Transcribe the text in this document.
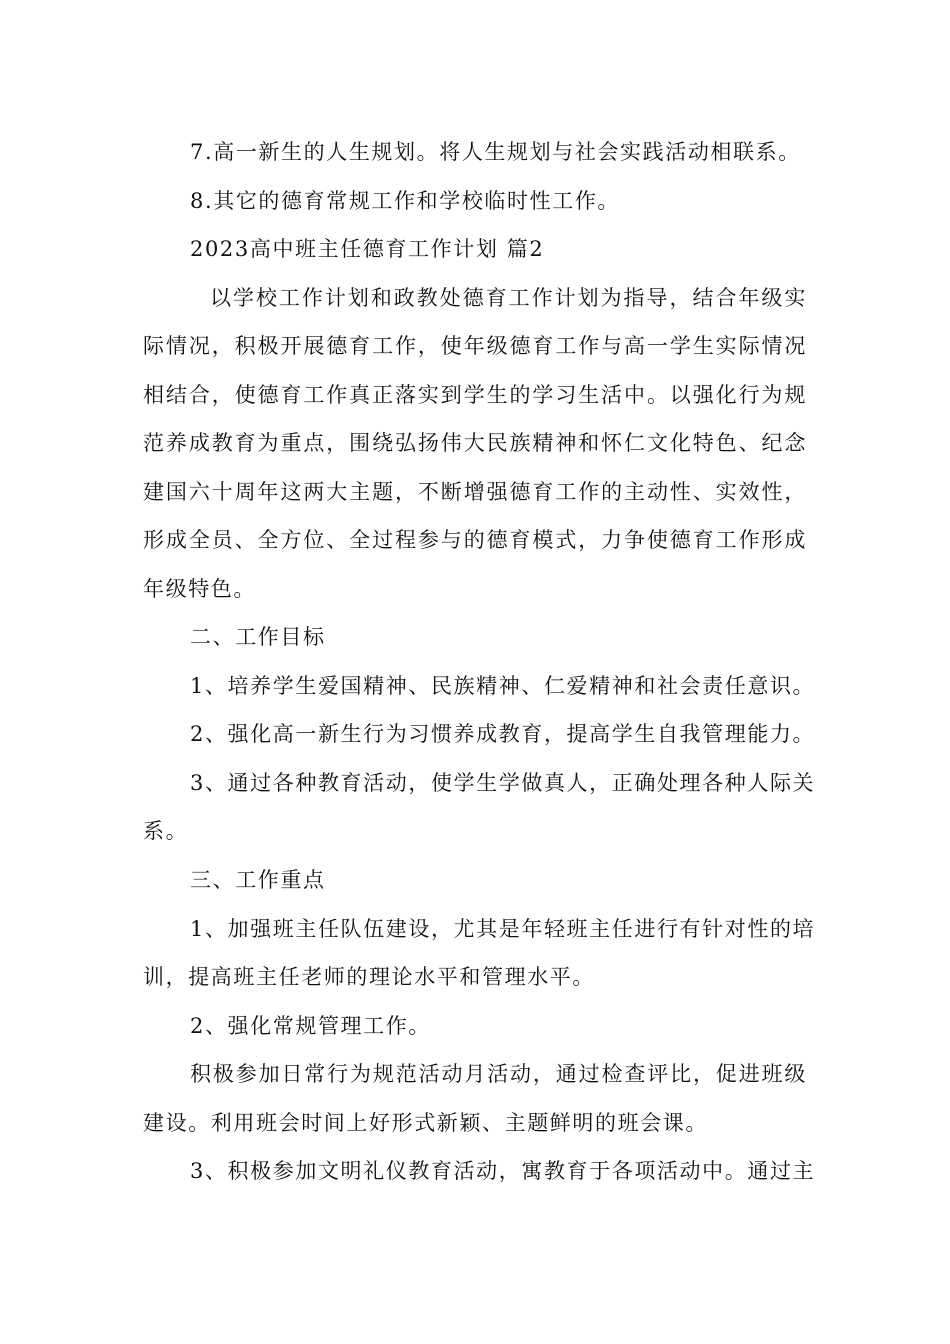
7.高一新生的人生规划。将人生规划与社会实践活动相联系。
8.其它的德育常规工作和学校临时性工作。
2023高中班主任德育工作计划 篇2
以学校工作计划和政教处德育工作计划为指导，结合年级实
际情况，积极开展德育工作，使年级德育工作与高一学生实际情况
相结合，使德育工作真正落实到学生的学习生活中。以强化行为规
范养成教育为重点，围绕弘扬伟大民族精神和怀仁文化特色、纪念
建国六十周年这两大主题，不断增强德育工作的主动性、实效性，
形成全员、全方位、全过程参与的德育模式，力争使德育工作形成
年级特色。
二、工作目标
1、培养学生爱国精神、民族精神、仁爱精神和社会责任意识。
2、强化高一新生行为习惯养成教育，提高学生自我管理能力。
3、通过各种教育活动，使学生学做真人，正确处理各种人际关
系。
三、工作重点
1、加强班主任队伍建设，尤其是年轻班主任进行有针对性的培
训，提高班主任老师的理论水平和管理水平。
2、强化常规管理工作。
积极参加日常行为规范活动月活动，通过检查评比，促进班级
建设。利用班会时间上好形式新颖、主题鲜明的班会课。
3、积极参加文明礼仪教育活动，寓教育于各项活动中。通过主
